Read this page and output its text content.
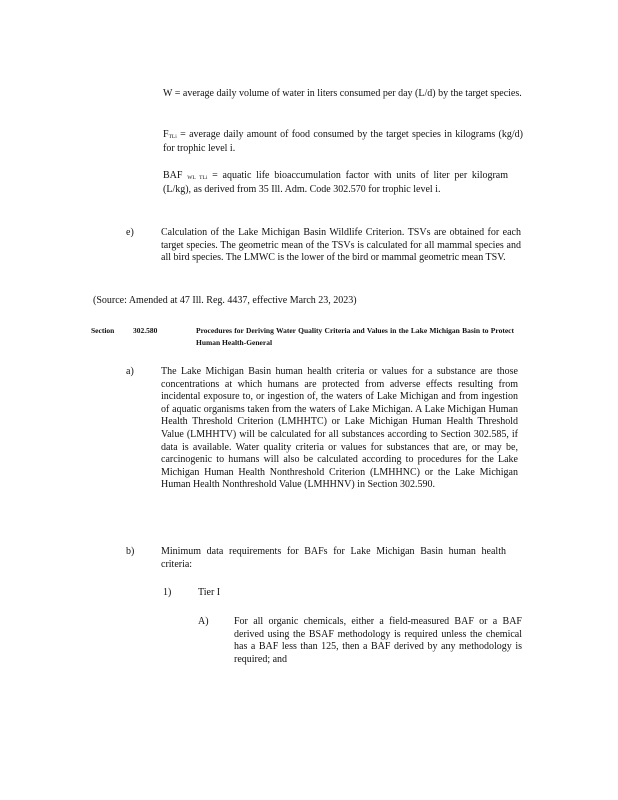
W = average daily volume of water in liters consumed per day (L/d) by the target species.

FTLi = average daily amount of food consumed by the target species in kilograms (kg/d) for trophic level i.

BAF WL TLi = aquatic life bioaccumulation factor with units of liter per kilogram (L/kg), as derived from 35 Ill. Adm. Code 302.570 for trophic level i.

e)	Calculation of the Lake Michigan Basin Wildlife Criterion. TSVs are obtained for each target species. The geometric mean of the TSVs is calculated for all mammal species and all bird species. The LMWC is the lower of the bird or mammal geometric mean TSV.
(Source: Amended at 47 Ill. Reg. 4437, effective March 23, 2023)
Section 302.580	Procedures for Deriving Water Quality Criteria and Values in the Lake Michigan Basin to Protect Human Health-General
a)	The Lake Michigan Basin human health criteria or values for a substance are those concentrations at which humans are protected from adverse effects resulting from incidental exposure to, or ingestion of, the waters of Lake Michigan and from ingestion of aquatic organisms taken from the waters of Lake Michigan. A Lake Michigan Human Health Threshold Criterion (LMHHTC) or Lake Michigan Human Health Threshold Value (LMHHTV) will be calculated for all substances according to Section 302.585, if data is available. Water quality criteria or values for substances that are, or may be, carcinogenic to humans will also be calculated according to procedures for the Lake Michigan Human Health Nonthreshold Criterion (LMHHNC) or the Lake Michigan Human Health Nonthreshold Value (LMHHNV) in Section 302.590.
b)	Minimum data requirements for BAFs for Lake Michigan Basin human health criteria:
1)	Tier I
A)	For all organic chemicals, either a field-measured BAF or a BAF derived using the BSAF methodology is required unless the chemical has a BAF less than 125, then a BAF derived by any methodology is required; and
